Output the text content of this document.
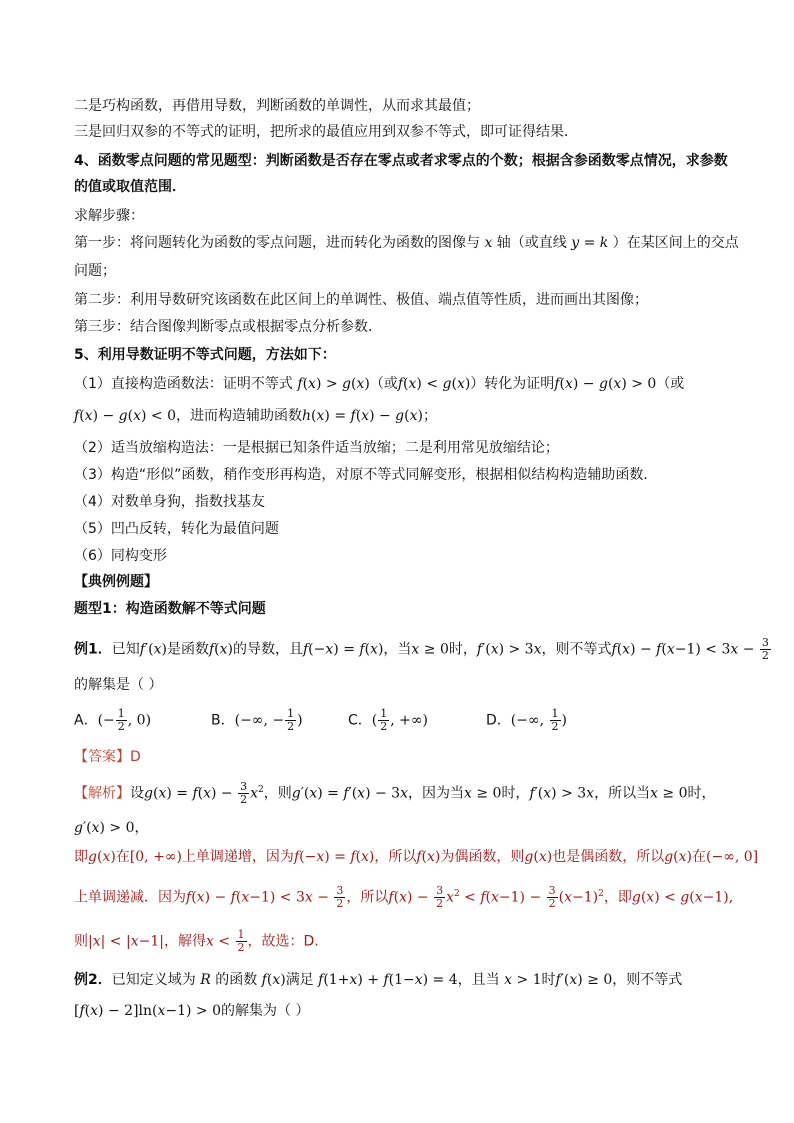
二是巧构函数，再借用导数，判断函数的单调性，从而求其最值；
三是回归双参的不等式的证明，把所求的最值应用到双参不等式，即可证得结果．
4、函数零点问题的常见题型：判断函数是否存在零点或者求零点的个数；根据含参函数零点情况，求参数
的值或取值范围．
求解步骤：
第一步：将问题转化为函数的零点问题，进而转化为函数的图像与 x 轴（或直线 y = k ）在某区间上的交点
问题；
第二步：利用导数研究该函数在此区间上的单调性、极值、端点值等性质，进而画出其图像；
第三步：结合图像判断零点或根据零点分析参数．
5、利用导数证明不等式问题，方法如下：
（1）直接构造函数法：证明不等式 f(x) > g(x)（或f(x) < g(x)）转化为证明f(x) − g(x) > 0（或
f(x) − g(x) < 0，进而构造辅助函数h(x) = f(x) − g(x)；
（2）适当放缩构造法：一是根据已知条件适当放缩；二是利用常见放缩结论；
（3）构造“形似”函数，稍作变形再构造，对原不等式同解变形，根据相似结构构造辅助函数．
（4）对数单身狗，指数找基友
（5）凹凸反转，转化为最值问题
（6）同构变形
【典例例题】
题型1：构造函数解不等式问题
例1．已知f′(x)是函数f(x)的导数，且f(−x) = f(x)，当x ≥ 0时，f′(x) > 3x，则不等式$f(x) - f(x-1) < 3x - \frac{3}{2}$
的解集是（ ）
A．(− $\frac{1}{2}$ , 0)	B．(−∞, − $\frac{1}{2}$ )	C．( $\frac{1}{2}$ , +∞)	D．(−∞, $\frac{1}{2}$ )
【答案】D
【解析】设$g(x) = f(x) - \frac{3}{2} x^2$，则g′(x) = f′(x) − 3x，因为当x ≥ 0时，f′(x) > 3x，所以当x ≥ 0时，
g′(x) > 0，
即g(x)在[0, +∞)上单调递增，因为f(−x) = f(x)，所以f(x)为偶函数，则g(x)也是偶函数，所以g(x)在(−∞, 0]
上单调递减．因为$f(x) - f(x-1) < 3x - \frac{3}{2}$ ，所以$f(x) - \frac{3}{2} x^2 < f(x-1) - \frac{3}{2} (x-1)^2$，即g(x) < g(x−1),
则|x| < |x−1|，解得$x < \frac{1}{2}$ ，故选：D.
例2．已知定义域为 R 的函数 f(x)满足 f(1+x) + f(1−x) = 4，且当 x > 1时f′(x) ≥ 0，则不等式
[f(x) − 2]ln(x−1) > 0的解集为（ ）
